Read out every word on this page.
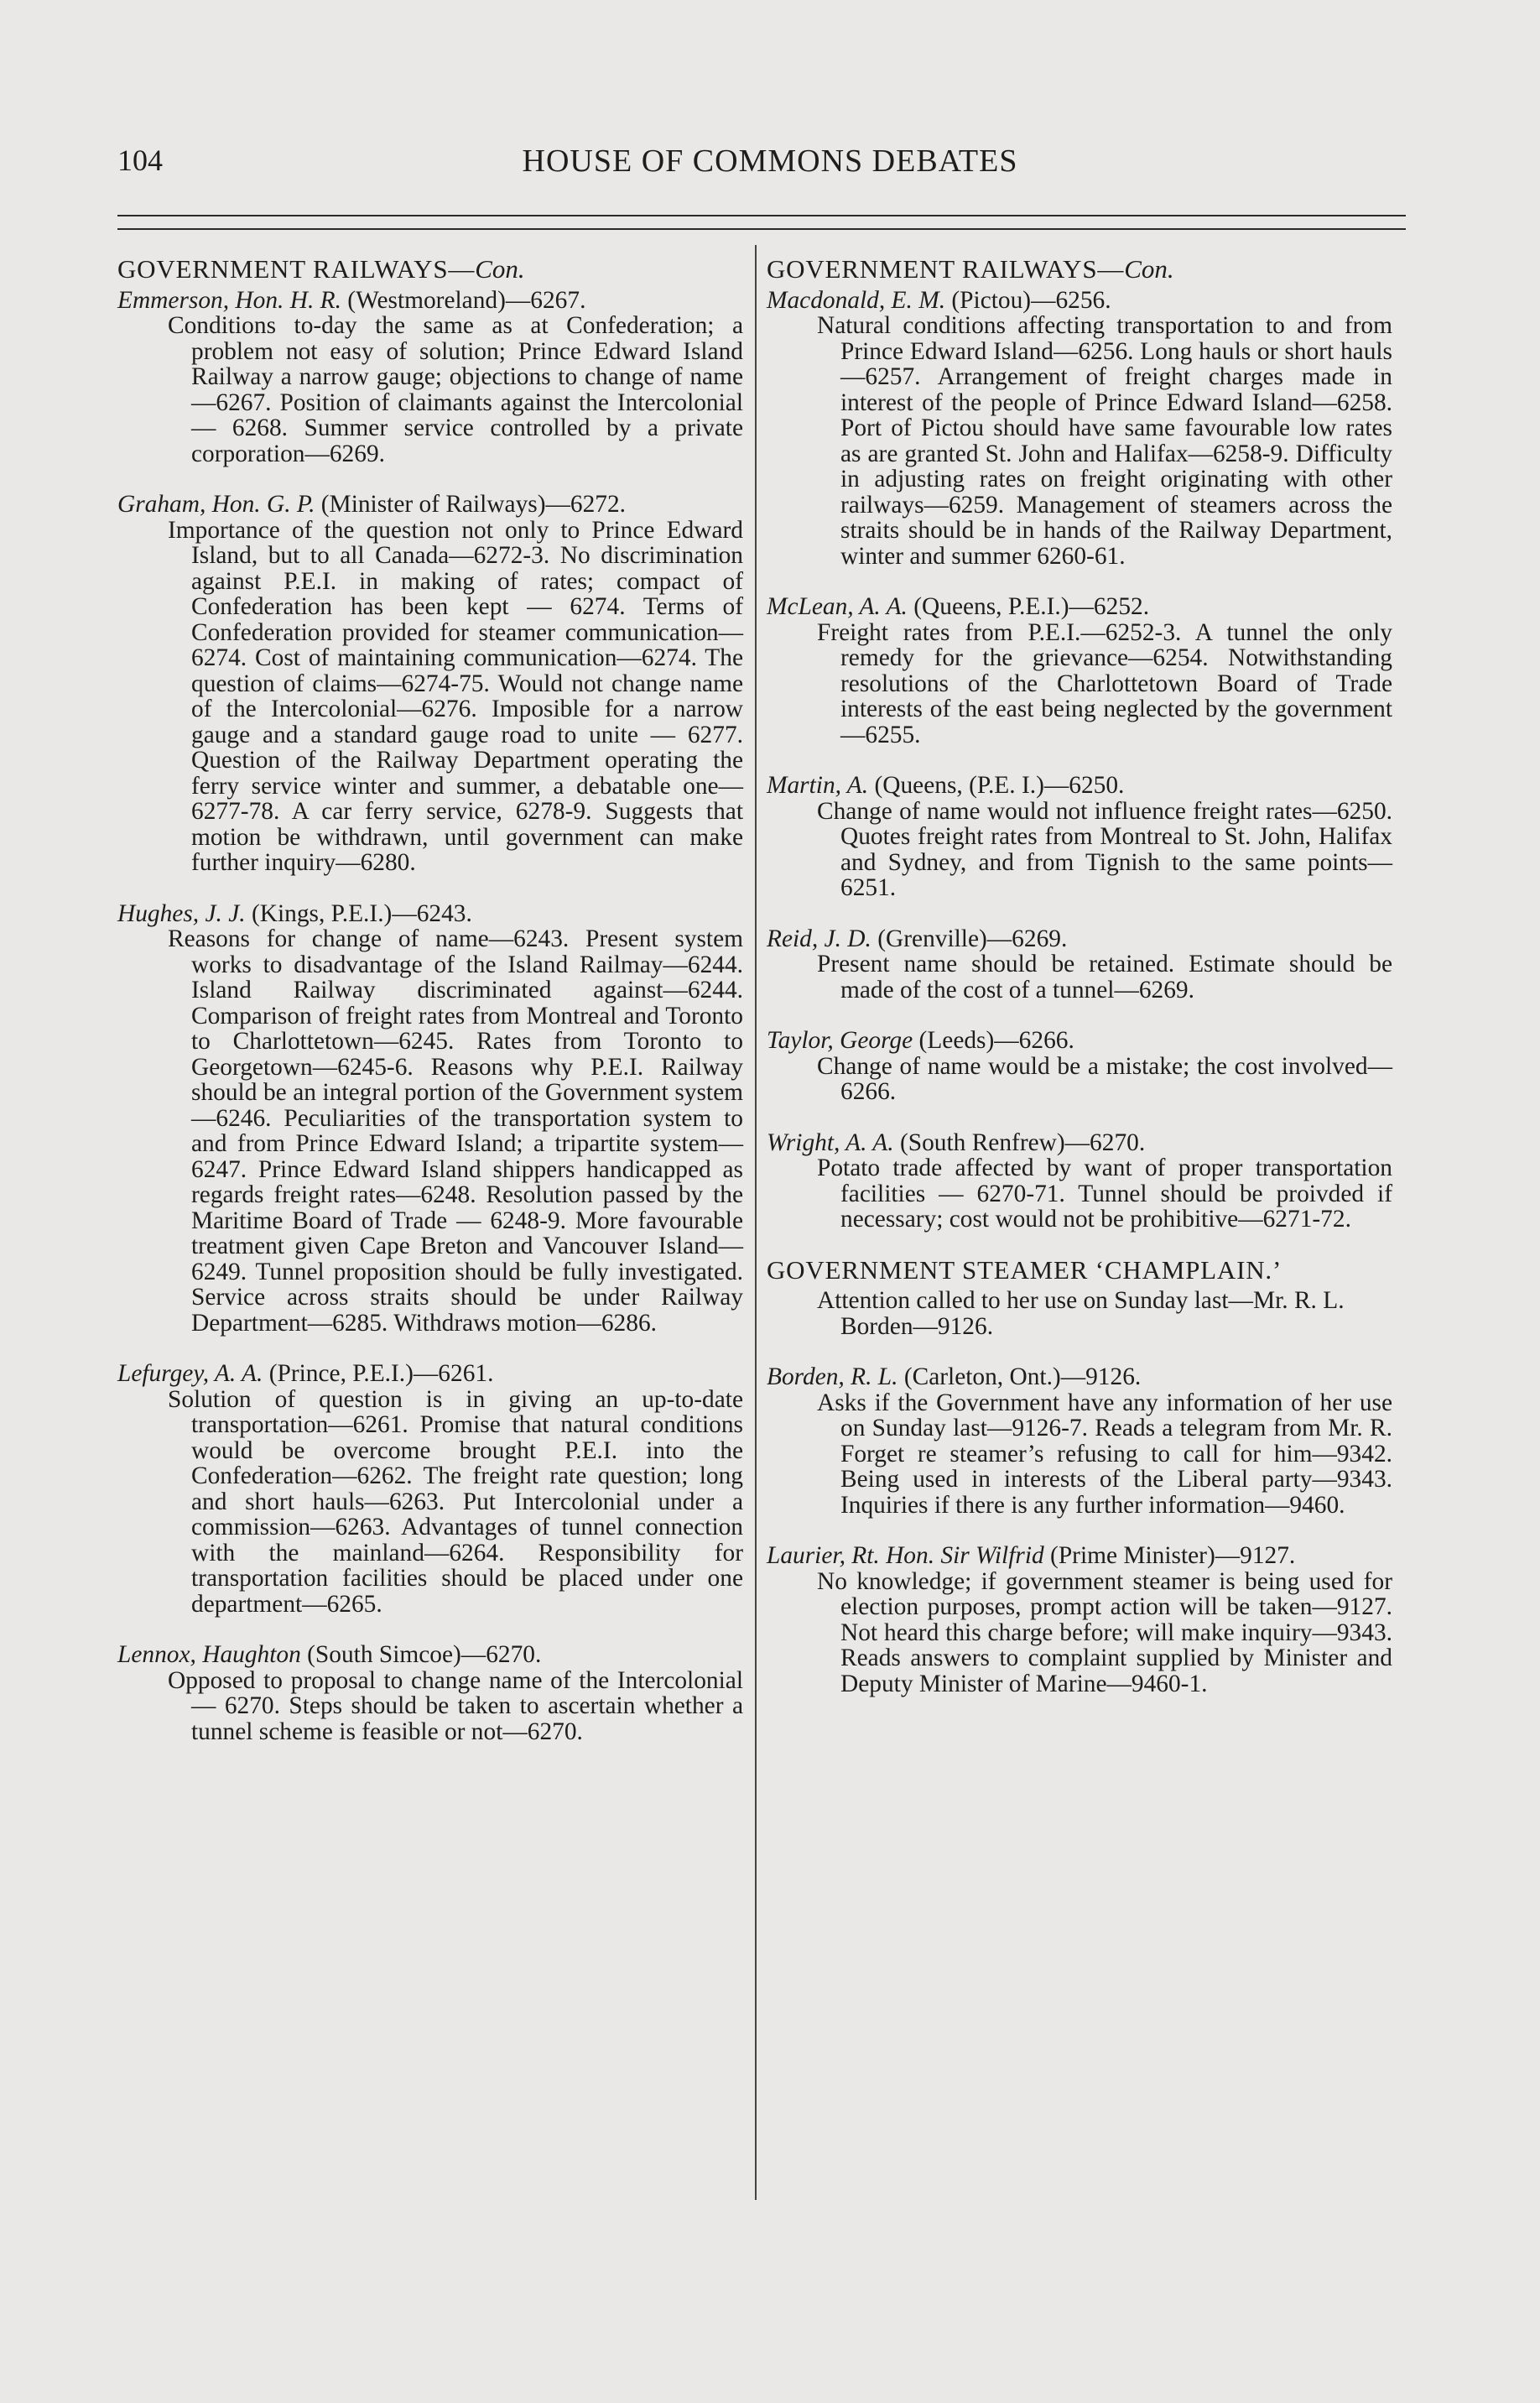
104	HOUSE OF COMMONS DEBATES
GOVERNMENT RAILWAYS—Con.
Emmerson, Hon. H. R. (Westmoreland)—6267.
Conditions to-day the same as at Confederation; a problem not easy of solution; Prince Edward Island Railway a narrow gauge; objections to change of name—6267. Position of claimants against the Intercolonial — 6268. Summer service controlled by a private corporation—6269.
Graham, Hon. G. P. (Minister of Railways)—6272.
Importance of the question not only to Prince Edward Island, but to all Canada—6272-3. No discrimination against P.E.I. in making of rates; compact of Confederation has been kept — 6274. Terms of Confederation provided for steamer communication—6274. Cost of maintaining communication—6274. The question of claims—6274-75. Would not change name of the Intercolonial—6276. Imposible for a narrow gauge and a standard gauge road to unite — 6277. Question of the Railway Department operating the ferry service winter and summer, a debatable one—6277-78. A car ferry service, 6278-9. Suggests that motion be withdrawn, until government can make further inquiry—6280.
Hughes, J. J. (Kings, P.E.I.)—6243.
Reasons for change of name—6243. Present system works to disadvantage of the Island Railmay—6244. Island Railway discriminated against—6244. Comparison of freight rates from Montreal and Toronto to Charlottetown—6245. Rates from Toronto to Georgetown—6245-6. Reasons why P.E.I. Railway should be an integral portion of the Government system—6246. Peculiarities of the transportation system to and from Prince Edward Island; a tripartite system—6247. Prince Edward Island shippers handicapped as regards freight rates—6248. Resolution passed by the Maritime Board of Trade — 6248-9. More favourable treatment given Cape Breton and Vancouver Island—6249. Tunnel proposition should be fully investigated. Service across straits should be under Railway Department—6285. Withdraws motion—6286.
Lefurgey, A. A. (Prince, P.E.I.)—6261.
Solution of question is in giving an up-to-date transportation—6261. Promise that natural conditions would be overcome brought P.E.I. into the Confederation—6262. The freight rate question; long and short hauls—6263. Put Intercolonial under a commission—6263. Advantages of tunnel connection with the mainland—6264. Responsibility for transportation facilities should be placed under one department—6265.
Lennox, Haughton (South Simcoe)—6270.
Opposed to proposal to change name of the Intercolonial — 6270. Steps should be taken to ascertain whether a tunnel scheme is feasible or not—6270.
GOVERNMENT RAILWAYS—Con.
Macdonald, E. M. (Pictou)—6256.
Natural conditions affecting transportation to and from Prince Edward Island—6256. Long hauls or short hauls—6257. Arrangement of freight charges made in interest of the people of Prince Edward Island—6258. Port of Pictou should have same favourable low rates as are granted St. John and Halifax—6258-9. Difficulty in adjusting rates on freight originating with other railways—6259. Management of steamers across the straits should be in hands of the Railway Department, winter and summer 6260-61.
McLean, A. A. (Queens, P.E.I.)—6252.
Freight rates from P.E.I.—6252-3. A tunnel the only remedy for the grievance—6254. Notwithstanding resolutions of the Charlottetown Board of Trade interests of the east being neglected by the government—6255.
Martin, A. (Queens, (P.E. I.)—6250.
Change of name would not influence freight rates—6250. Quotes freight rates from Montreal to St. John, Halifax and Sydney, and from Tignish to the same points—6251.
Reid, J. D. (Grenville)—6269.
Present name should be retained. Estimate should be made of the cost of a tunnel—6269.
Taylor, George (Leeds)—6266.
Change of name would be a mistake; the cost involved—6266.
Wright, A. A. (South Renfrew)—6270.
Potato trade affected by want of proper transportation facilities — 6270-71. Tunnel should be proivded if necessary; cost would not be prohibitive—6271-72.
GOVERNMENT STEAMER ‘CHAMPLAIN.’
Attention called to her use on Sunday last—Mr. R. L. Borden—9126.
Borden, R. L. (Carleton, Ont.)—9126.
Asks if the Government have any information of her use on Sunday last—9126-7. Reads a telegram from Mr. R. Forget re steamer’s refusing to call for him—9342. Being used in interests of the Liberal party—9343. Inquiries if there is any further information—9460.
Laurier, Rt. Hon. Sir Wilfrid (Prime Minister)—9127.
No knowledge; if government steamer is being used for election purposes, prompt action will be taken—9127. Not heard this charge before; will make inquiry—9343. Reads answers to complaint supplied by Minister and Deputy Minister of Marine—9460-1.
